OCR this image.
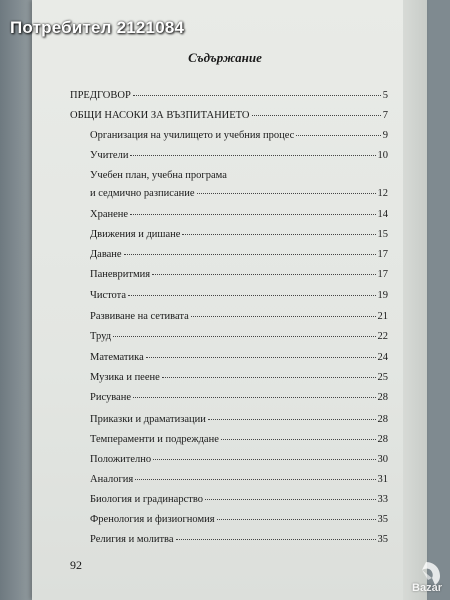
Потребител 2121084
Съдържание
ПРЕДГОВОР	5
ОБЩИ НАСОКИ ЗА ВЪЗПИТАНИЕТО	7
Организация на училището и учебния процес	9
Учители	10
Учебен план, учебна програма
и седмично разписание	12
Хранене	14
Движения и дишане	15
Даване	17
Паневритмия	17
Чистота	19
Развиване на сетивата	21
Труд	22
Математика	24
Музика и пеене	25
Рисуване	28
Приказки и драматизации	28
Темпераменти и подреждане	28
Положително	30
Аналогия	31
Биология и градинарство	33
Френология и физиогномия	35
Религия и молитва	35
92
Bazar
